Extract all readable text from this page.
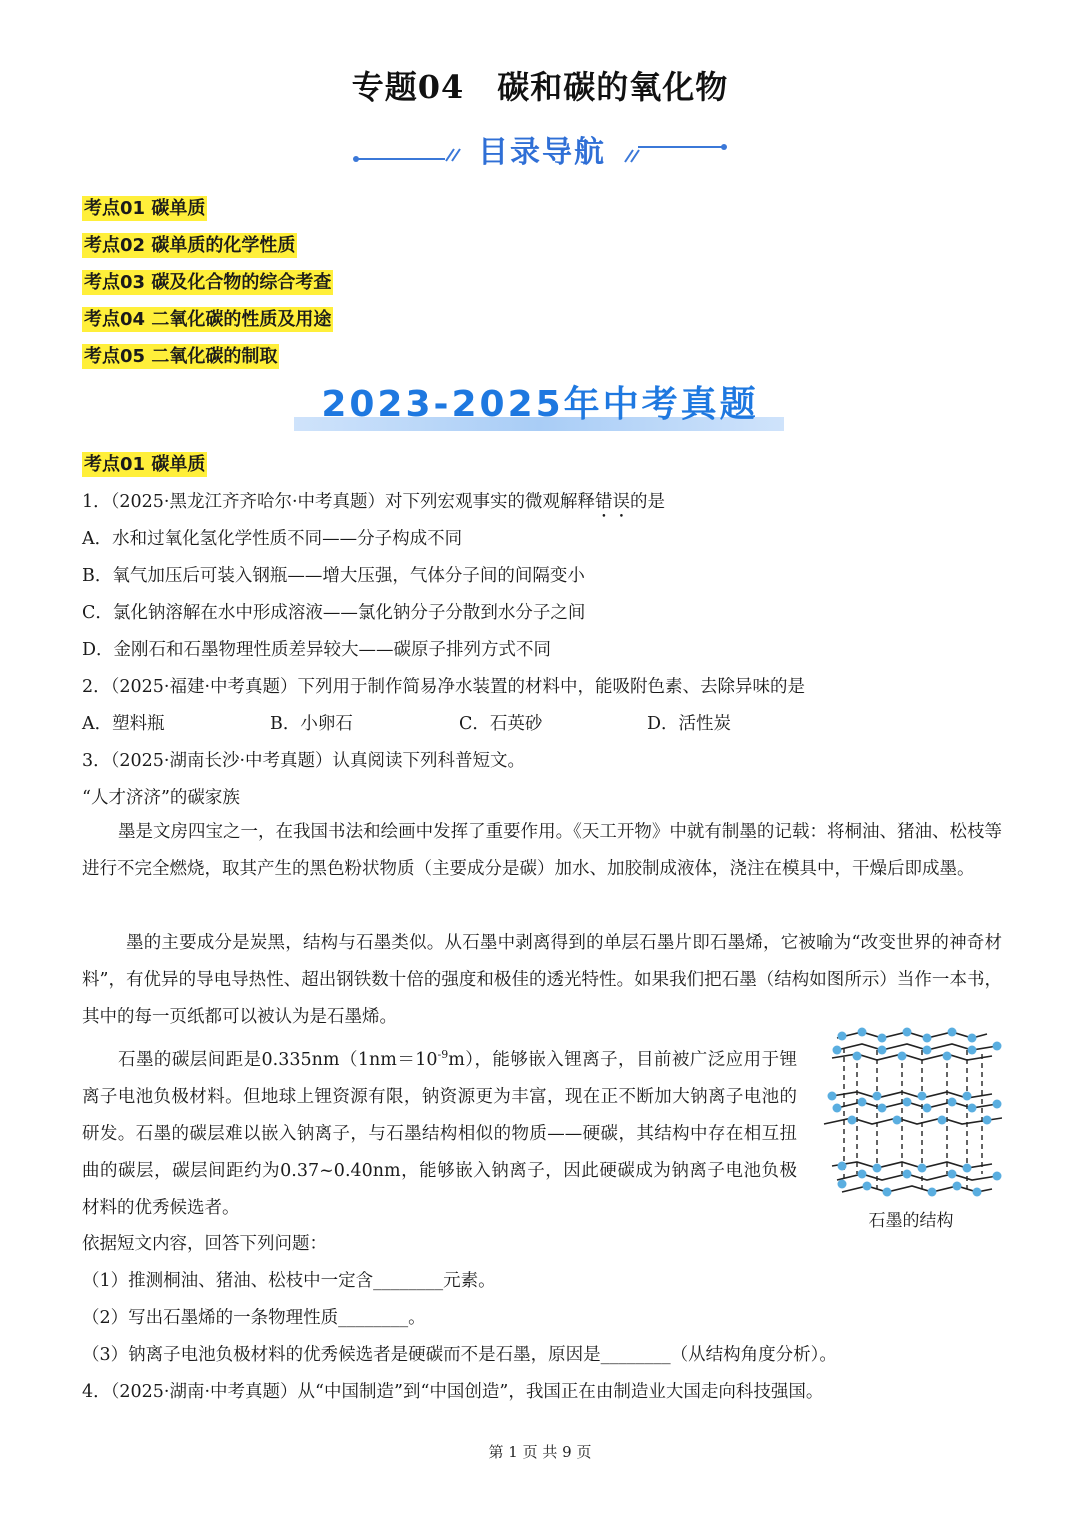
专题04　碳和碳的氧化物
目录导航
考点01 碳单质
考点02 碳单质的化学性质
考点03 碳及化合物的综合考查
考点04 二氧化碳的性质及用途
考点05 二氧化碳的制取
2023-2025年中考真题
考点01 碳单质
1．（2025·黑龙江齐齐哈尔·中考真题）对下列宏观事实的微观解释错误的是
A．水和过氧化氢化学性质不同——分子构成不同
B．氧气加压后可装入钢瓶——增大压强，气体分子间的间隔变小
C．氯化钠溶解在水中形成溶液——氯化钠分子分散到水分子之间
D．金刚石和石墨物理性质差异较大——碳原子排列方式不同
2．（2025·福建·中考真题）下列用于制作简易净水装置的材料中，能吸附色素、去除异味的是
A．塑料瓶	B．小卵石	C．石英砂	D．活性炭
3．（2025·湖南长沙·中考真题）认真阅读下列科普短文。
“人才济济”的碳家族
墨是文房四宝之一，在我国书法和绘画中发挥了重要作用。《天工开物》中就有制墨的记载：将桐油、猪油、松枝等进行不完全燃烧，取其产生的黑色粉状物质（主要成分是碳）加水、加胶制成液体，浇注在模具中，干燥后即成墨。
墨的主要成分是炭黑，结构与石墨类似。从石墨中剥离得到的单层石墨片即石墨烯，它被喻为“改变世界的神奇材料”，有优异的导电导热性、超出钢铁数十倍的强度和极佳的透光特性。如果我们把石墨（结构如图所示）当作一本书，其中的每一页纸都可以被认为是石墨烯。
石墨的碳层间距是$0.335nm(1nm=10^{-9}m)$，能够嵌入锂离子，目前被广泛应用于锂离子电池负极材料。但地球上锂资源有限，钠资源更为丰富，现在正不断加大钠离子电池的研发。石墨的碳层难以嵌入钠离子，与石墨结构相似的物质——硬碳，其结构中存在相互扭曲的碳层，碳层间距约为0.37~0.40nm，能够嵌入钠离子，因此硬碳成为钠离子电池负极材料的优秀候选者。
依据短文内容，回答下列问题：
（1）推测桐油、猪油、松枝中一定含________元素。
（2）写出石墨烯的一条物理性质________。
（3）钠离子电池负极材料的优秀候选者是硬碳而不是石墨，原因是________（从结构角度分析）。
4．（2025·湖南·中考真题）从“中国制造”到“中国创造”，我国正在由制造业大国走向科技强国。
石墨的结构
第 1 页 共 9 页
